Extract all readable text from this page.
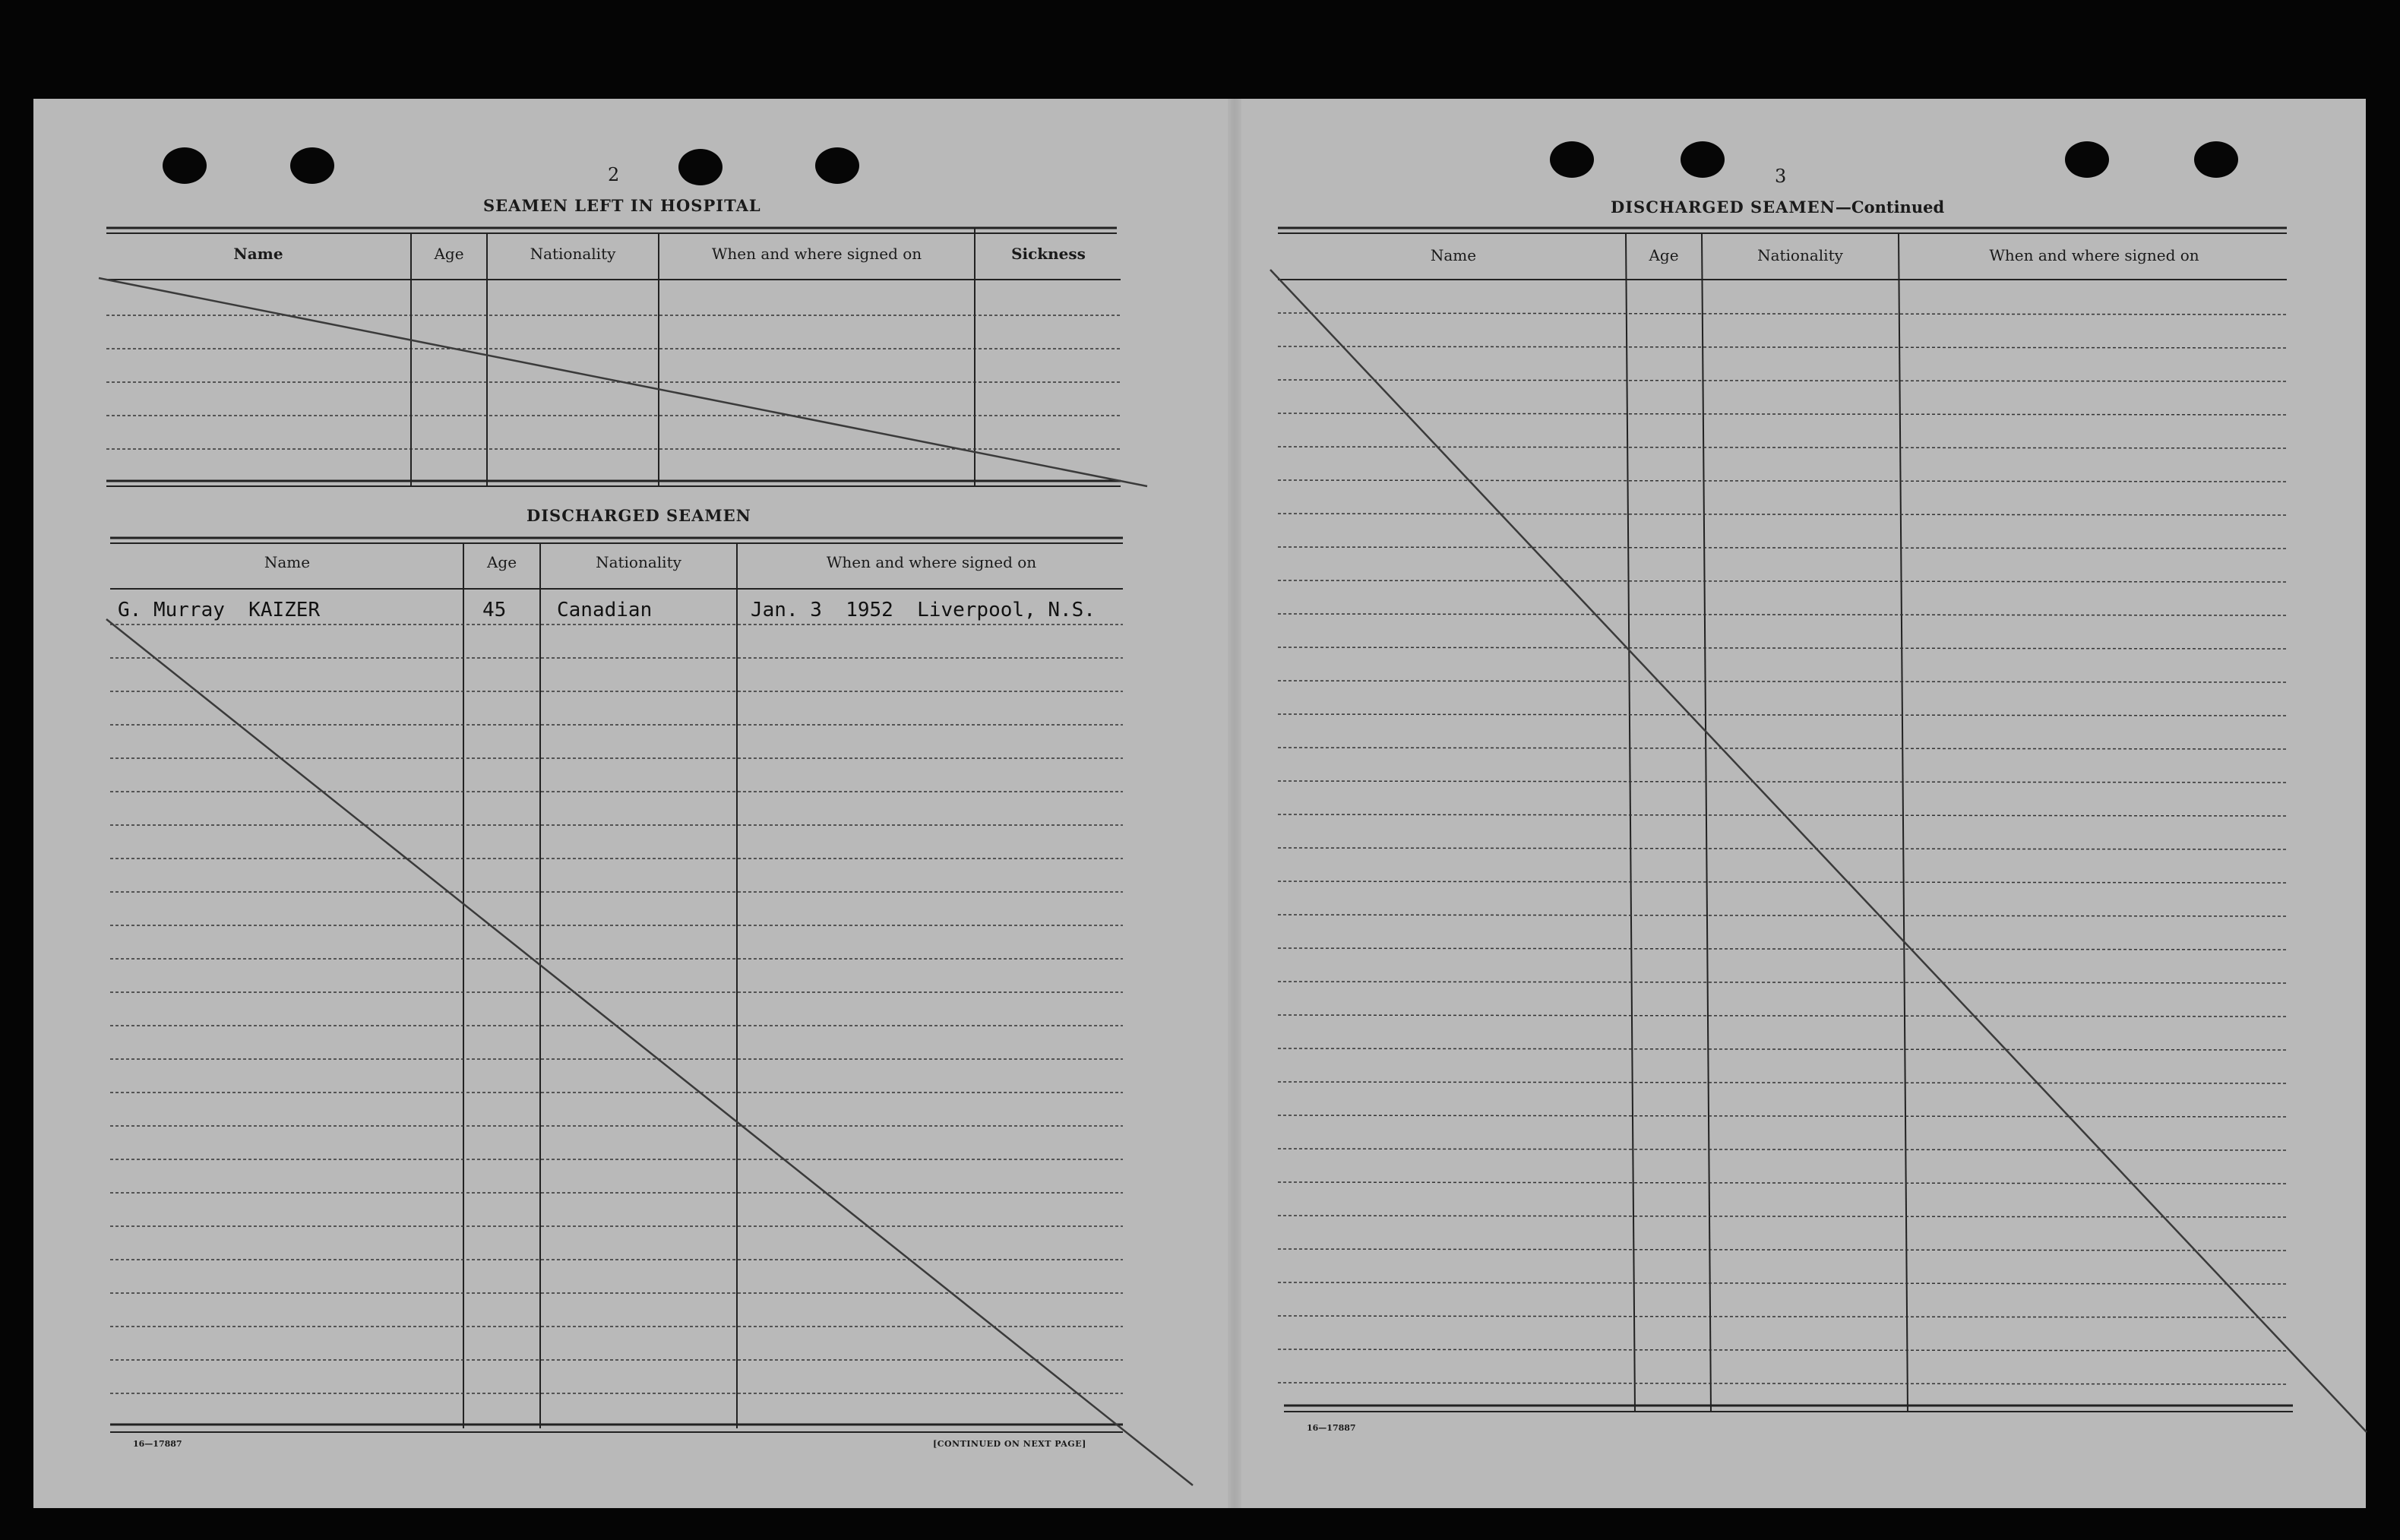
2
SEAMEN LEFT IN HOSPITAL
Name	Age	Nationality	When and where signed on	Sickness
DISCHARGED SEAMEN
Name	Age	Nationality	When and where signed on
G. Murray  KAIZER	45	Canadian	Jan. 3  1952  Liverpool, N.S.
16—17887	[CONTINUED ON NEXT PAGE]
3
DISCHARGED SEAMEN—Continued
Name	Age	Nationality	When and where signed on
16—17887
